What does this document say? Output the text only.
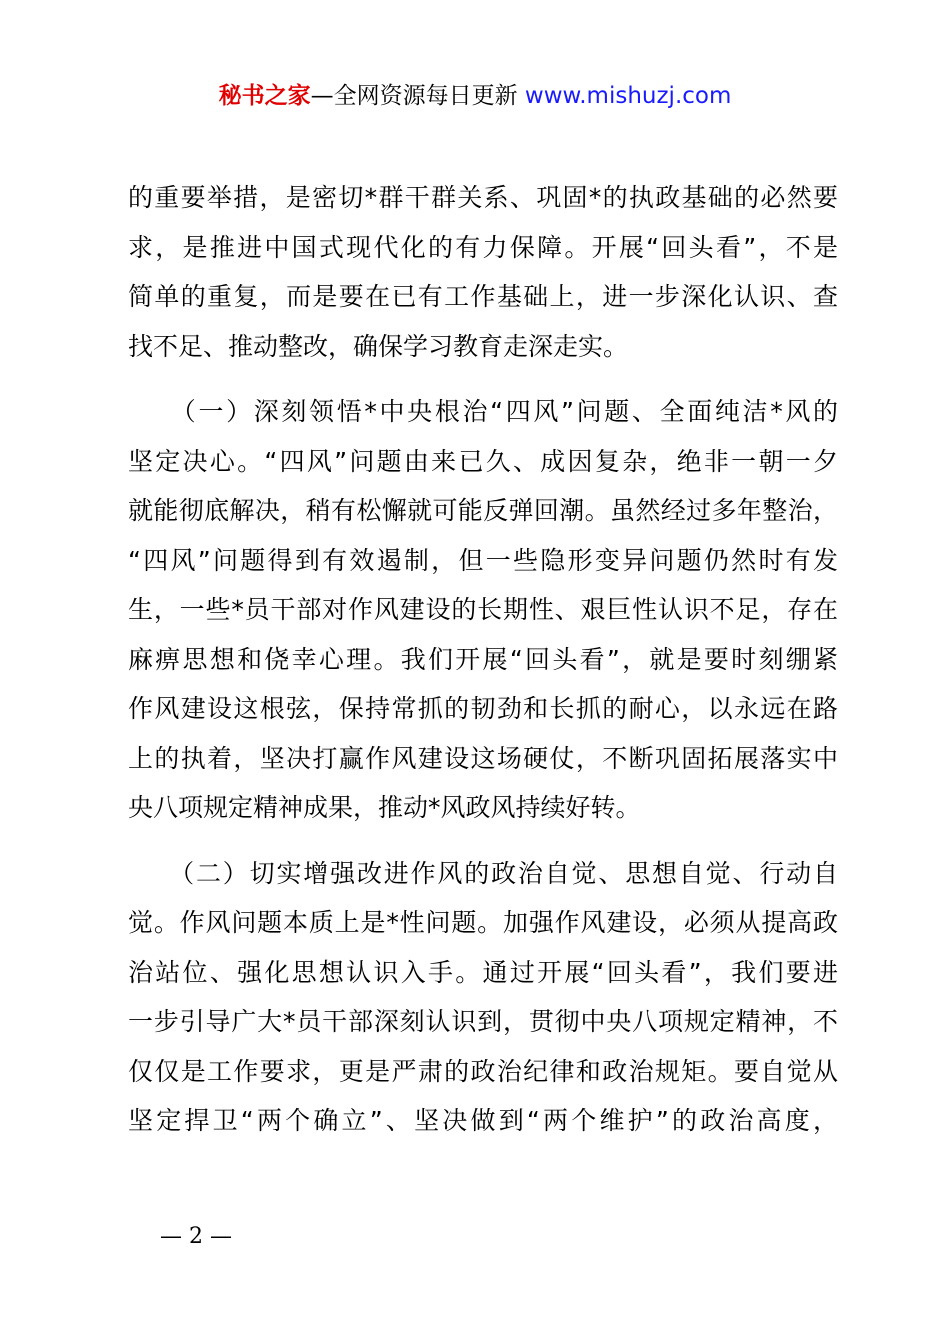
秘书之家—全网资源每日更新 www.mishuzj.com
的重要举措，是密切*群干群关系、巩固*的执政基础的必然要
求，是推进中国式现代化的有力保障。开展“回头看”，不是
简单的重复，而是要在已有工作基础上，进一步深化认识、查
找不足、推动整改，确保学习教育走深走实。
　　（一）深刻领悟*中央根治“四风”问题、全面纯洁*风的
坚定决心。“四风”问题由来已久、成因复杂，绝非一朝一夕
就能彻底解决，稍有松懈就可能反弹回潮。虽然经过多年整治，
“四风”问题得到有效遏制，但一些隐形变异问题仍然时有发
生，一些*员干部对作风建设的长期性、艰巨性认识不足，存在
麻痹思想和侥幸心理。我们开展“回头看”，就是要时刻绷紧
作风建设这根弦，保持常抓的韧劲和长抓的耐心，以永远在路
上的执着，坚决打赢作风建设这场硬仗，不断巩固拓展落实中
央八项规定精神成果，推动*风政风持续好转。
　　（二）切实增强改进作风的政治自觉、思想自觉、行动自
觉。作风问题本质上是*性问题。加强作风建设，必须从提高政
治站位、强化思想认识入手。通过开展“回头看”，我们要进
一步引导广大*员干部深刻认识到，贯彻中央八项规定精神，不
仅仅是工作要求，更是严肃的政治纪律和政治规矩。要自觉从
坚定捍卫“两个确立”、坚决做到“两个维护”的政治高度，
— 2 —
